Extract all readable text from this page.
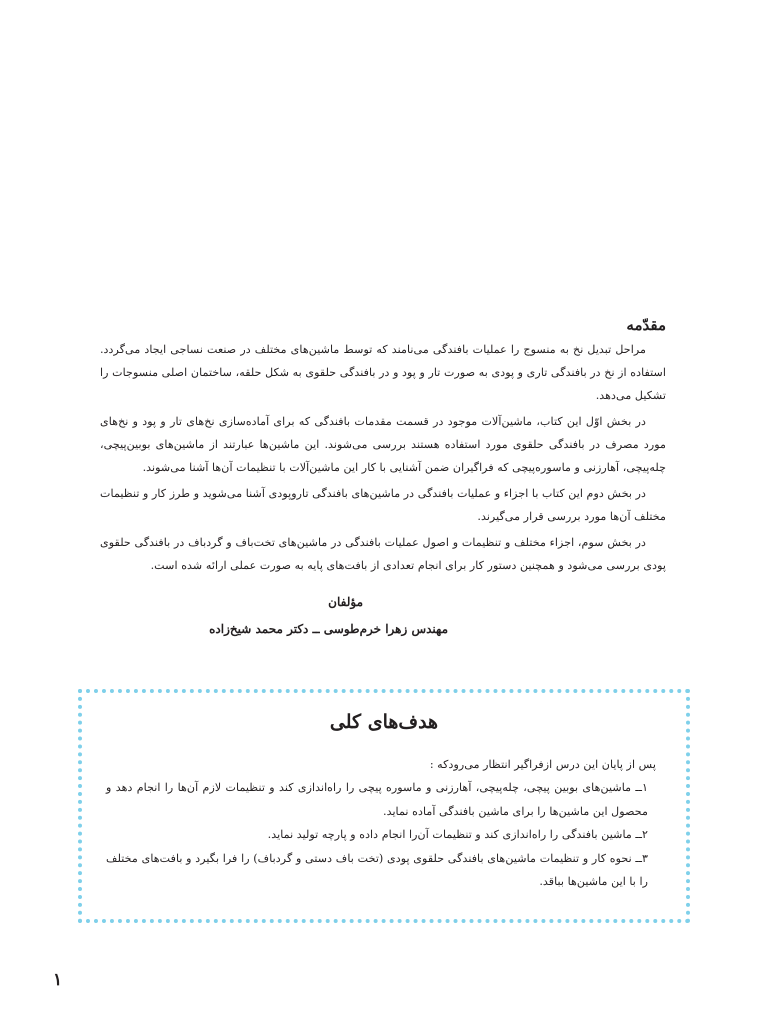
مقدّمه

مراحل تبدیل نخ به منسوج را عملیات بافندگی می‌نامند که توسط ماشین‌های مختلف در صنعت نساجی ایجاد می‌گردد. استفاده از نخ در بافندگی تاری و پودی به صورت تار و پود و در بافندگی حلقوی به شکل حلقه، ساختمان اصلی منسوجات را تشکیل می‌دهد.

در بخش اوّل این کتاب، ماشین‌آلات موجود در قسمت مقدمات بافندگی که برای آماده‌سازی نخ‌های تار و پود و نخ‌های مورد مصرف در بافندگی حلقوی مورد استفاده هستند بررسی می‌شوند. این ماشین‌ها عبارتند از ماشین‌های بوبین‌پیچی، چله‌پیچی، آهارزنی و ماسوره‌پیچی که فراگیران ضمن آشنایی با کار این ماشین‌آلات با تنظیمات آن‌ها آشنا می‌شوند.

در بخش دوم این کتاب با اجزاء و عملیات بافندگی در ماشین‌های بافندگی تاروپودی آشنا می‌شوید و طرز کار و تنظیمات مختلف آن‌ها مورد بررسی قرار می‌گیرند.

در بخش سوم، اجزاء مختلف و تنظیمات و اصول عملیات بافندگی در ماشین‌های تخت‌باف و گردباف در بافندگی حلقوی پودی بررسی می‌شود و همچنین دستور کار برای انجام تعدادی از بافت‌های پایه به صورت عملی ارائه شده است.

مؤلفان
مهندس زهرا خرم‌طوسی ــ دکتر محمد شیخ‌زاده
هدف‌های کلی

پس از پایان این درس ازفراگیر انتظار می‌رودکه :

۱ــ ماشین‌های بوبین پیچی، چله‌پیچی، آهارزنی و ماسوره پیچی را راه‌اندازی کند و تنظیمات لازم آن‌ها را انجام دهد و محصول این ماشین‌ها را برای ماشین بافندگی آماده نماید.

۲ــ ماشین بافندگی را راه‌اندازی کند و تنظیمات آن‌را انجام داده و پارچه تولید نماید.

۳ــ نحوه کار و تنظیمات ماشین‌های بافندگی حلقوی پودی (تخت باف دستی و گردباف) را فرا بگیرد و بافت‌های مختلف را با این ماشین‌ها بباقد.

۱
